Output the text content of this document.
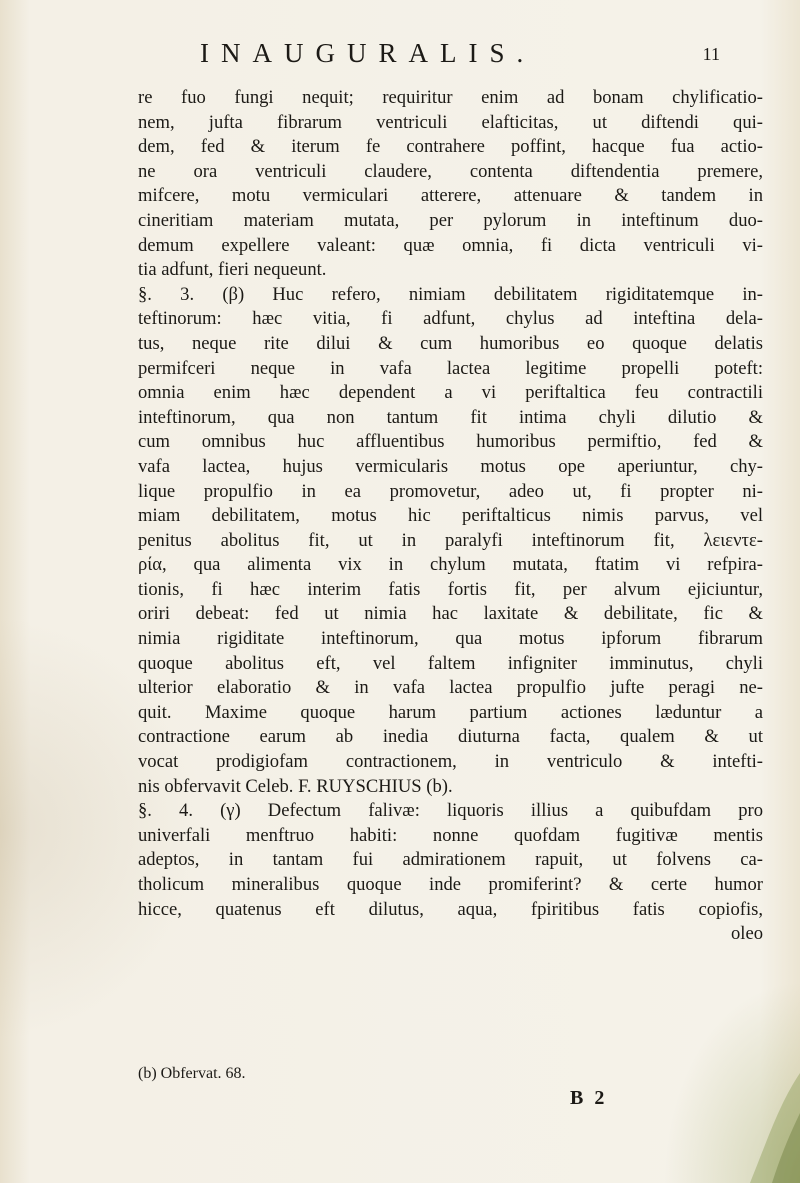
INAUGURALIS.	11
re fuo fungi nequit; requiritur enim ad bonam chylificatio-
nem, jufta fibrarum ventriculi elafticitas, ut diftendi qui-
dem, fed & iterum fe contrahere poffint, hacque fua actio-
ne ora ventriculi claudere, contenta diftendentia premere,
mifcere, motu vermiculari atterere, attenuare & tandem in
cineritiam materiam mutata, per pylorum in inteftinum duo-
demum expellere valeant: quæ omnia, fi dicta ventriculi vi-
tia adfunt, fieri nequeunt.
§. 3. (β) Huc refero, nimiam debilitatem rigiditatemque in-
teftinorum: hæc vitia, fi adfunt, chylus ad inteftina dela-
tus, neque rite dilui & cum humoribus eo quoque delatis
permifceri neque in vafa lactea legitime propelli poteft:
omnia enim hæc dependent a vi periftaltica feu contractili
inteftinorum, qua non tantum fit intima chyli dilutio &
cum omnibus huc affluentibus humoribus permiftio, fed &
vafa lactea, hujus vermicularis motus ope aperiuntur, chy-
lique propulfio in ea promovetur, adeo ut, fi propter ni-
miam debilitatem, motus hic periftalticus nimis parvus, vel
penitus abolitus fit, ut in paralyfi inteftinorum fit, λειεντε-
ρία, qua alimenta vix in chylum mutata, ftatim vi refpira-
tionis, fi hæc interim fatis fortis fit, per alvum ejiciuntur,
oriri debeat: fed ut nimia hac laxitate & debilitate, fic &
nimia rigiditate inteftinorum, qua motus ipforum fibrarum
quoque abolitus eft, vel faltem infigniter imminutus, chyli
ulterior elaboratio & in vafa lactea propulfio jufte peragi ne-
quit. Maxime quoque harum partium actiones læduntur a
contractione earum ab inedia diuturna facta, qualem & ut
vocat prodigiofam contractionem, in ventriculo & intefti-
nis obfervavit Celeb. F. RUYSCHIUS (b).
§. 4. (γ) Defectum falivæ: liquoris illius a quibufdam pro
univerfali menftruo habiti: nonne quofdam fugitivæ mentis
adeptos, in tantam fui admirationem rapuit, ut folvens ca-
tholicum mineralibus quoque inde promiferint? & certe humor
hicce, quatenus eft dilutus, aqua, fpiritibus fatis copiofis,
oleo
(b) Obfervat. 68.
B 2
